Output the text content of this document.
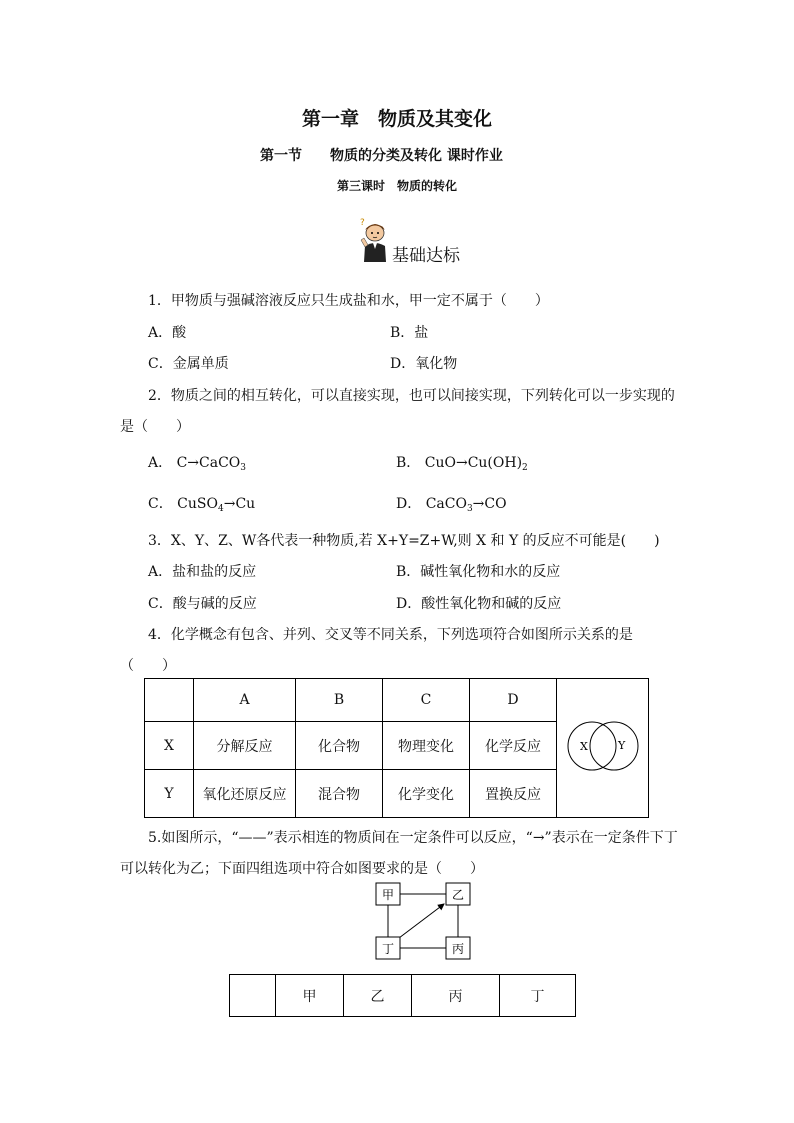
第一章　物质及其变化
第一节　　物质的分类及转化 课时作业
第三课时　物质的转化
?
基础达标
1．甲物质与强碱溶液反应只生成盐和水，甲一定不属于（　　）
A．酸	B．盐
C．金属单质	D．氧化物
2．物质之间的相互转化，可以直接实现，也可以间接实现，下列转化可以一步实现的
是（　　）
A． C→CaCO$_3$	B． $CuO\to Cu(OH)_2$
C． CuSO$_4$→Cu	D． CaCO$_3$→CO
3．X、Y、Z、W各代表一种物质,若 X+Y=Z+W,则 X 和 Y 的反应不可能是(　　)
A．盐和盐的反应	B．碱性氧化物和水的反应
C．酸与碱的反应	D．酸性氧化物和碱的反应
4．化学概念有包含、并列、交叉等不同关系，下列选项符合如图所示关系的是
（　　）
	A	B	C	D	X Y

X	分解反应	化合物	物理变化	化学反应	
Y	氧化还原反应	混合物	化学变化	置换反应	
5.如图所示，“——”表示相连的物质间在一定条件可以反应，“→”表示在一定条件下丁
可以转化为乙；下面四组选项中符合如图要求的是（　　）
甲	乙
丁	丙
	甲	乙	丙	丁
